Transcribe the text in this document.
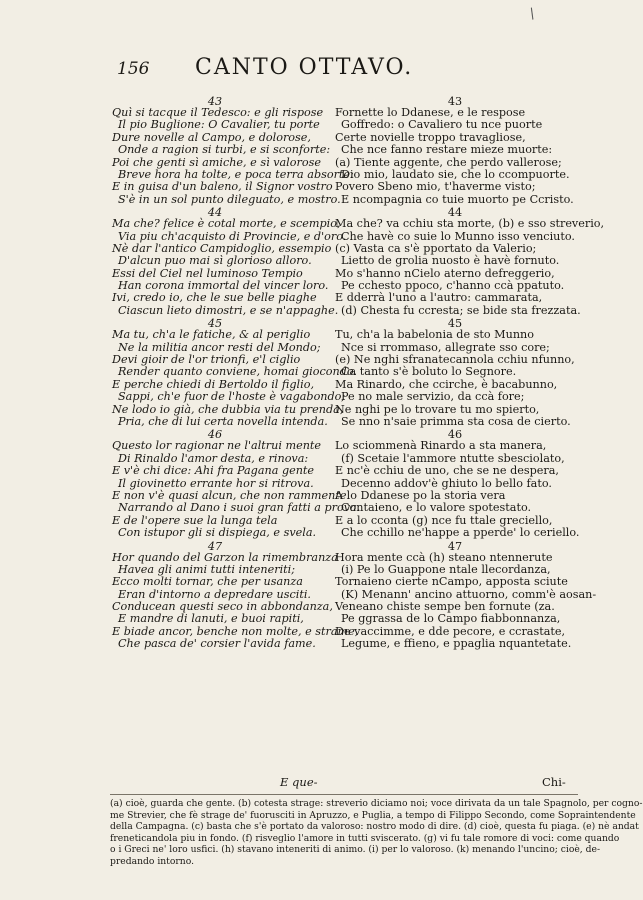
/
156 CANTO OTTAVO.
43
Quì si tacque il Tedesco: e gli rispose
Il pio Buglione: O Cavalier, tu porte
Dure novelle al Campo, e dolorose,
Onde a ragion si turbi, e si sconforte:
Poi che genti sì amiche, e sì valorose
Breve hora ha tolte, e poca terra absorte:
E in guisa d'un baleno, il Signor vostro
S'è in un sol punto dileguato, e mostro.
44
Ma che? felice è cotal morte, e scempio,
Via piu ch'acquisto di Provincie, e d'oro.
Nè dar l'antico Campidoglio, essempio
D'alcun puo mai sì glorioso alloro.
Essi del Ciel nel luminoso Tempio
Han corona immortal del vincer loro.
Ivi, credo io, che le sue belle piaghe
Ciascun lieto dimostri, e se n'appaghe.
45
Ma tu, ch'a le fatiche, & al periglio
Ne la militia ancor resti del Mondo;
Devi gioir de l'or trionfi, e'l ciglio
Render quanto conviene, homai giocondo.
E perche chiedi di Bertoldo il figlio,
Sappi, ch'e fuor de l'hoste è vagabondo;
Ne lodo io già, che dubbia via tu prenda,
Pria, che di lui certa novella intenda.
46
Questo lor ragionar ne l'altrui mente
Di Rinaldo l'amor desta, e rinova:
E v'è chi dice: Ahi fra Pagana gente
Il giovinetto errante hor si ritrova.
E non v'è quasi alcun, che non rammente
Narrando al Dano i suoi gran fatti a prova.
E de l'opere sue la lunga tela
Con istupor gli si dispiega, e svela.
47
Hor quando del Garzon la rimembranza
Havea gli animi tutti inteneriti;
Ecco molti tornar, che per usanza
Eran d'intorno a depredare usciti.
Conducean questi seco in abbondanza,
E mandre di lanuti, e buoi rapiti,
E biade ancor, benche non molte, e strame,
Che pasca de' corsier l'avida fame.
43
Fornette lo Ddanese, e le respose
Goffredo: o Cavaliero tu nce puorte
Certe novielle troppo travagliose,
Che nce fanno restare mieze muorte:
(a) Tiente aggente, che perdo vallerose;
Dio mio, laudato sie, che lo ccompuorte.
Povero Sbeno mio, t'haverme visto;
E ncompagnia co tuie muorto pe Ccristo.
44
Ma che? va cchiu sta morte, (b) e sso streverio,
Che havè co suie lo Munno isso venciuto.
(c) Vasta ca s'è pportato da Valerio;
Lietto de grolia nuosto è havè fornuto.
Mo s'hanno nCielo aterno defreggerio,
Pe cchesto ppoco, c'hanno ccà ppatuto.
E dderrà l'uno a l'autro: cammarata,
(d) Chesta fu ccresta; se bide sta frezzata.
45
Tu, ch'a la babelonia de sto Munno
Nce si rrommaso, allegrate sso core;
(e) Ne nghi sfranatecannola cchiu nfunno,
Ca tanto s'è boluto lo Segnore.
Ma Rinardo, che ccirche, è bacabunno,
Pe no male servizio, da ccà fore;
Ne nghi pe lo trovare tu mo spierto,
Se nno n'saie primma sta cosa de cierto.
46
Lo sciommenà Rinardo a sta manera,
(f) Scetaie l'ammore ntutte sbesciolato,
E nc'è cchiu de uno, che se ne despera,
Decenno addov'è ghiuto lo bello fato.
A lo Ddanese po la storia vera
Contaieno, e lo valore spotestato.
E a lo cconta (g) nce fu ttale greciello,
Che cchillo ne'happe a pperde' lo ceriello.
47
Hora mente ccà (h) steano ntennerute
(i) Pe lo Guappone ntale llecordanza,
Tornaieno cierte nCampo, apposta sciute
(K) Menann' ancino attuorno, comm'è aosan-
Veneano chiste sempe ben fornute (za.
Pe ggrassa de lo Campo fiabbonnanza,
De vaccimme, e dde pecore, e ccrastate,
Legume, e ffieno, e ppaglia nquantetate.
E que-	Chi-
(a) cioè, guarda che gente. (b) cotesta strage: streverio diciamo noi; voce dirivata da un tale Spagnolo, per cogno-
me Strevier, che fè strage de' fuorusciti in Apruzzo, e Puglia, a tempo di Filippo Secondo, come Sopraintendente
della Campagna. (c) basta che s'è portato da valoroso: nostro modo di dire. (d) cioè, questa fu piaga. (e) nè andat
freneticandola piu in fondo. (f) risveglio l'amore in tutti sviscerato. (g) vi fu tale romore di voci: come quando
o i Greci ne' loro usfici. (h) stavano inteneriti di animo. (i) per lo valoroso. (k) menando l'uncino; cioè, de-
predando intorno.
